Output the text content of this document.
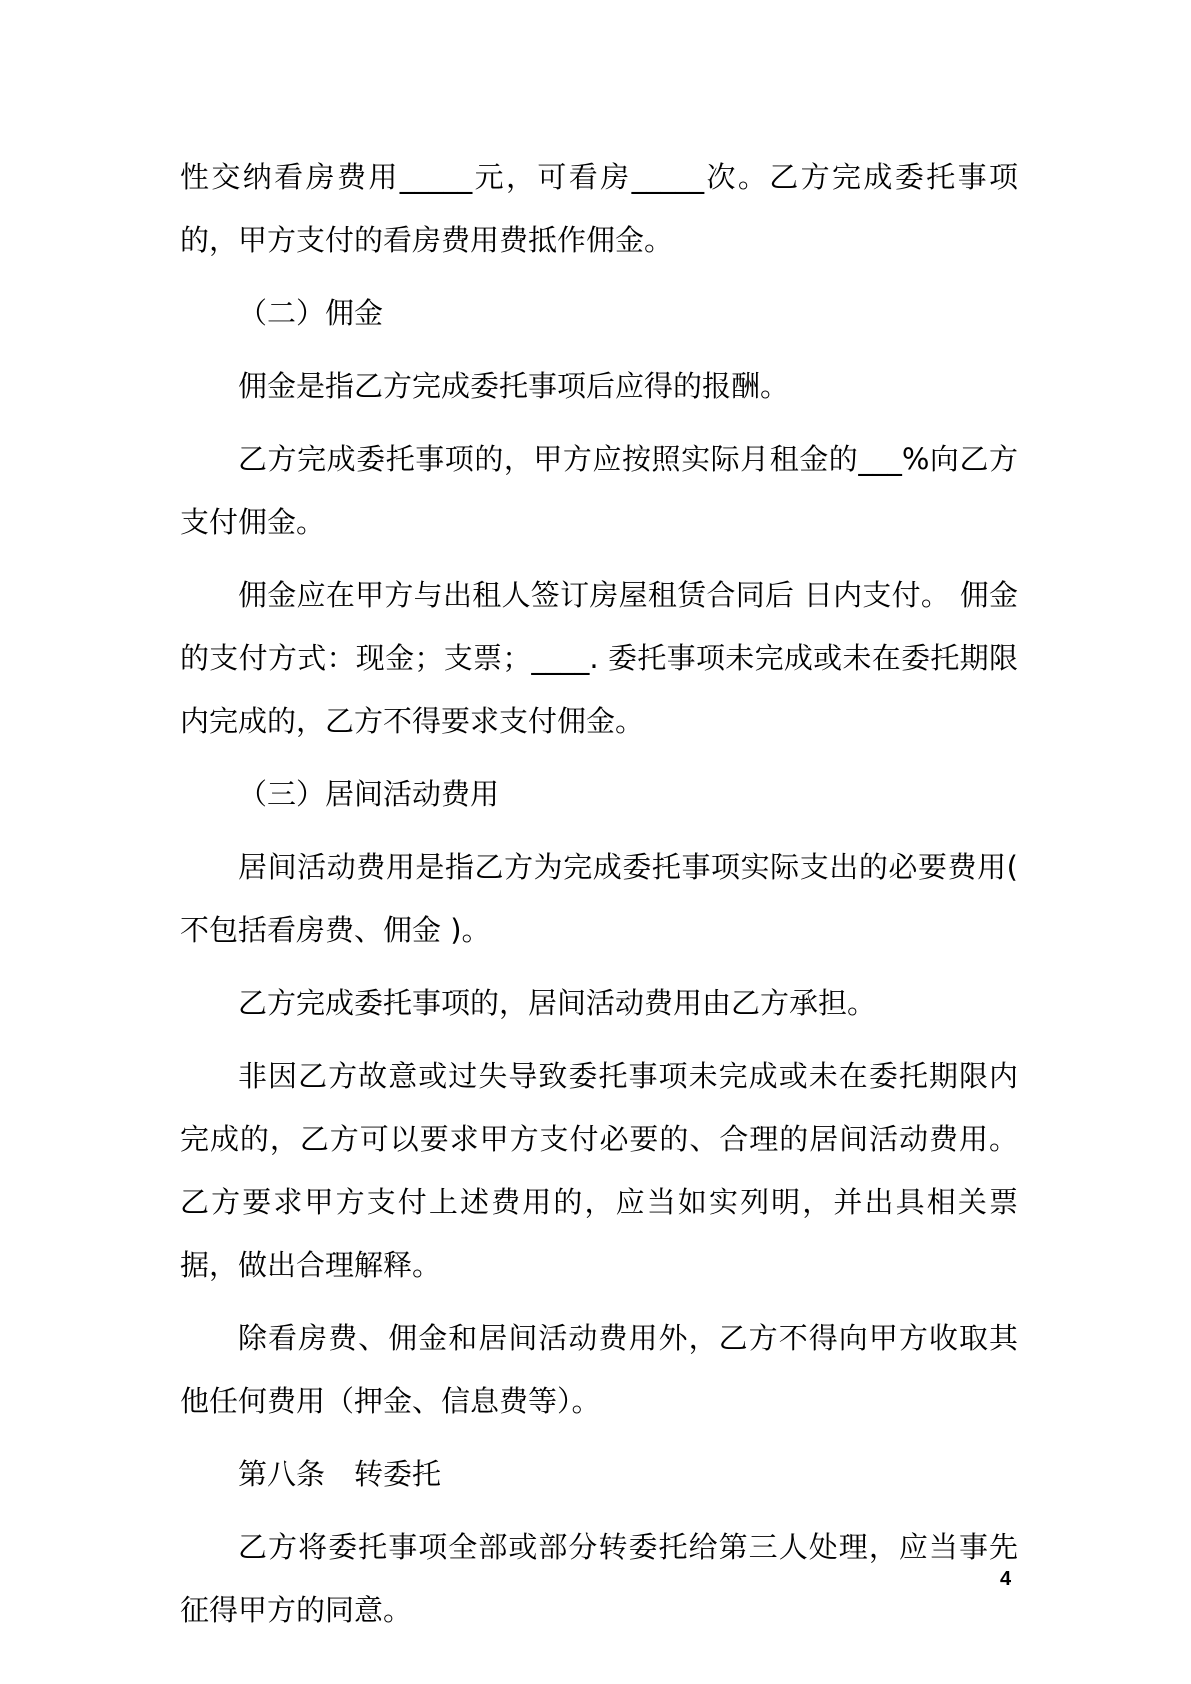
性交纳看房费用_____元，可看房_____次。乙方完成委托事项的，甲方支付的看房费用费抵作佣金。

（二）佣金

佣金是指乙方完成委托事项后应得的报酬。

乙方完成委托事项的，甲方应按照实际月租金的___%向乙方支付佣金。

佣金应在甲方与出租人签订房屋租赁合同后 日内支付。 佣金的支付方式：现金；支票；____. 委托事项未完成或未在委托期限内完成的，乙方不得要求支付佣金。

（三）居间活动费用

居间活动费用是指乙方为完成委托事项实际支出的必要费用( 不包括看房费、佣金 )。

乙方完成委托事项的，居间活动费用由乙方承担。

非因乙方故意或过失导致委托事项未完成或未在委托期限内完成的，乙方可以要求甲方支付必要的、合理的居间活动费用。乙方要求甲方支付上述费用的，应当如实列明，并出具相关票据，做出合理解释。

除看房费、佣金和居间活动费用外，乙方不得向甲方收取其他任何费用（押金、信息费等）。

第八条　转委托

乙方将委托事项全部或部分转委托给第三人处理，应当事先征得甲方的同意。

4
